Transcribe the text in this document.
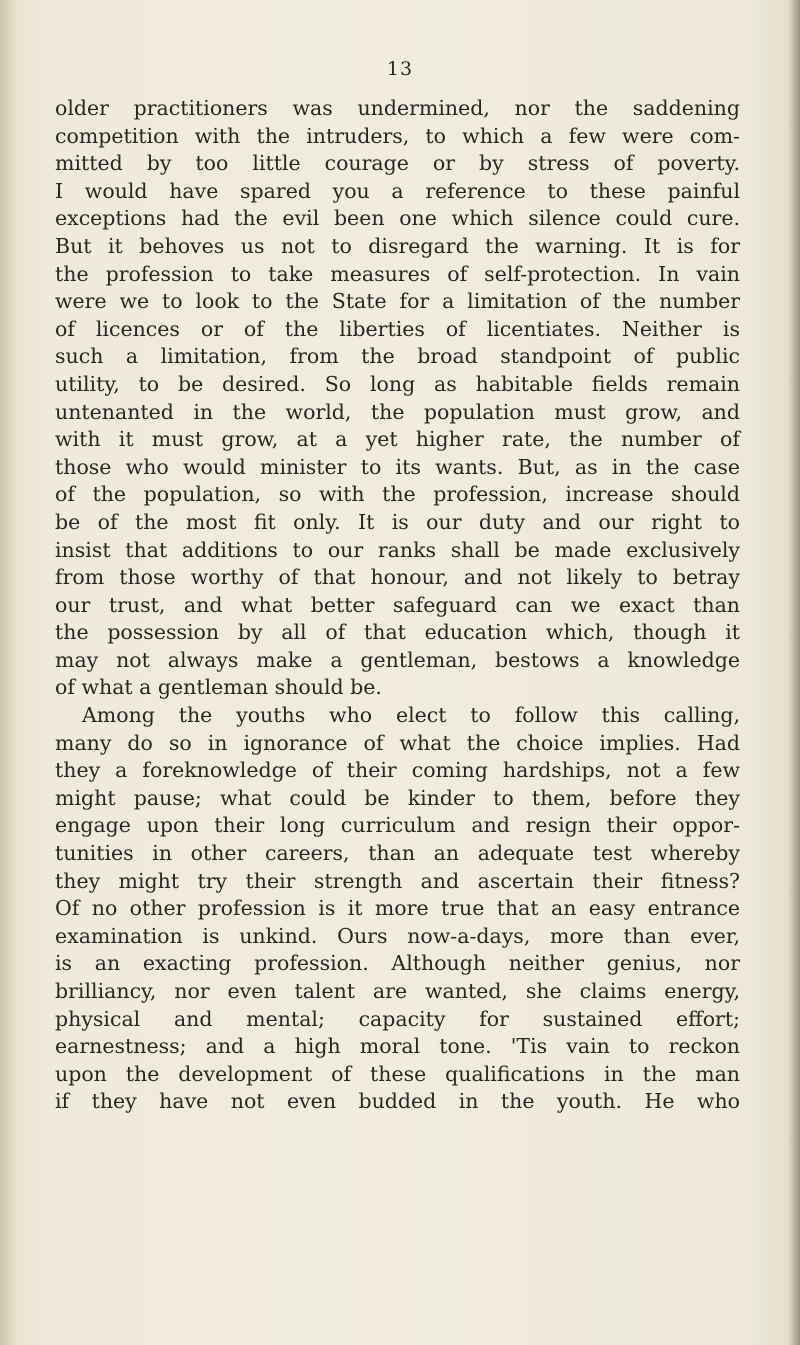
13
older practitioners was undermined, nor the saddening
competition with the intruders, to which a few were com-
mitted by too little courage or by stress of poverty.
I would have spared you a reference to these painful
exceptions had the evil been one which silence could cure.
But it behoves us not to disregard the warning. It is for
the profession to take measures of self-protection. In vain
were we to look to the State for a limitation of the number
of licences or of the liberties of licentiates. Neither is
such a limitation, from the broad standpoint of public
utility, to be desired. So long as habitable fields remain
untenanted in the world, the population must grow, and
with it must grow, at a yet higher rate, the number of
those who would minister to its wants. But, as in the case
of the population, so with the profession, increase should
be of the most fit only. It is our duty and our right to
insist that additions to our ranks shall be made exclusively
from those worthy of that honour, and not likely to betray
our trust, and what better safeguard can we exact than
the possession by all of that education which, though it
may not always make a gentleman, bestows a knowledge
of what a gentleman should be.
Among the youths who elect to follow this calling,
many do so in ignorance of what the choice implies. Had
they a foreknowledge of their coming hardships, not a few
might pause; what could be kinder to them, before they
engage upon their long curriculum and resign their oppor-
tunities in other careers, than an adequate test whereby
they might try their strength and ascertain their fitness?
Of no other profession is it more true that an easy entrance
examination is unkind. Ours now-a-days, more than ever,
is an exacting profession. Although neither genius, nor
brilliancy, nor even talent are wanted, she claims energy,
physical and mental; capacity for sustained effort;
earnestness; and a high moral tone. 'Tis vain to reckon
upon the development of these qualifications in the man
if they have not even budded in the youth. He who
